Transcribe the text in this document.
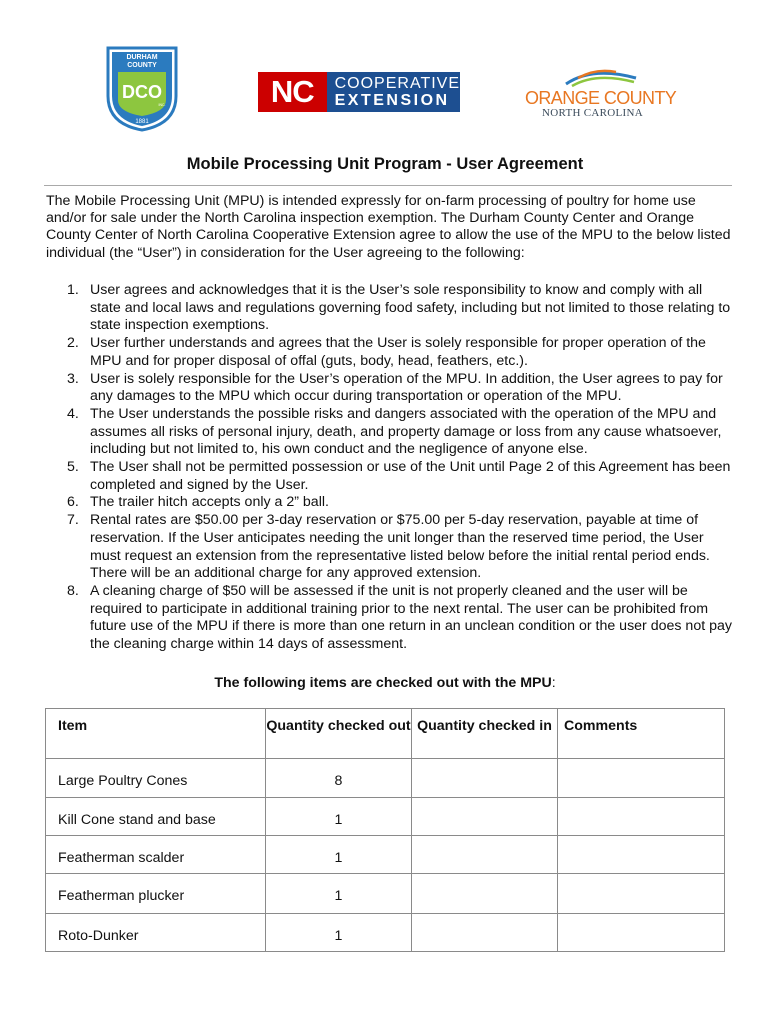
DURHAM
COUNTY
DCO
INC.
1881
NC	COOPERATIVE
EXTENSION	ORANGE COUNTY
NORTH CAROLINA
Mobile Processing Unit Program - User Agreement

The Mobile Processing Unit (MPU) is intended expressly for on-farm processing of poultry for home use and/or for sale under the North Carolina inspection exemption. The Durham County Center and Orange County Center of North Carolina Cooperative Extension agree to allow the use of the MPU to the below listed individual (the “User”) in consideration for the User agreeing to the following:

1. User agrees and acknowledges that it is the User’s sole responsibility to know and comply with all state and local laws and regulations governing food safety, including but not limited to those relating to state inspection exemptions.
2. User further understands and agrees that the User is solely responsible for proper operation of the MPU and for proper disposal of offal (guts, body, head, feathers, etc.).
3. User is solely responsible for the User’s operation of the MPU. In addition, the User agrees to pay for any damages to the MPU which occur during transportation or operation of the MPU.
4. The User understands the possible risks and dangers associated with the operation of the MPU and assumes all risks of personal injury, death, and property damage or loss from any cause whatsoever, including but not limited to, his own conduct and the negligence of anyone else.
5. The User shall not be permitted possession or use of the Unit until Page 2 of this Agreement has been completed and signed by the User.
6. The trailer hitch accepts only a 2” ball.
7. Rental rates are $50.00 per 3-day reservation or $75.00 per 5-day reservation, payable at time of reservation. If the User anticipates needing the unit longer than the reserved time period, the User must request an extension from the representative listed below before the initial rental period ends. There will be an additional charge for any approved extension.
8. A cleaning charge of $50 will be assessed if the unit is not properly cleaned and the user will be required to participate in additional training prior to the next rental. The user can be prohibited from future use of the MPU if there is more than one return in an unclean condition or the user does not pay the cleaning charge within 14 days of assessment.
The following items are checked out with the MPU:
Item	Quantity checked out	Quantity checked in	Comments
Large Poultry Cones	8		
Kill Cone stand and base	1		
Featherman scalder	1		
Featherman plucker	1		
Roto-Dunker	1		
